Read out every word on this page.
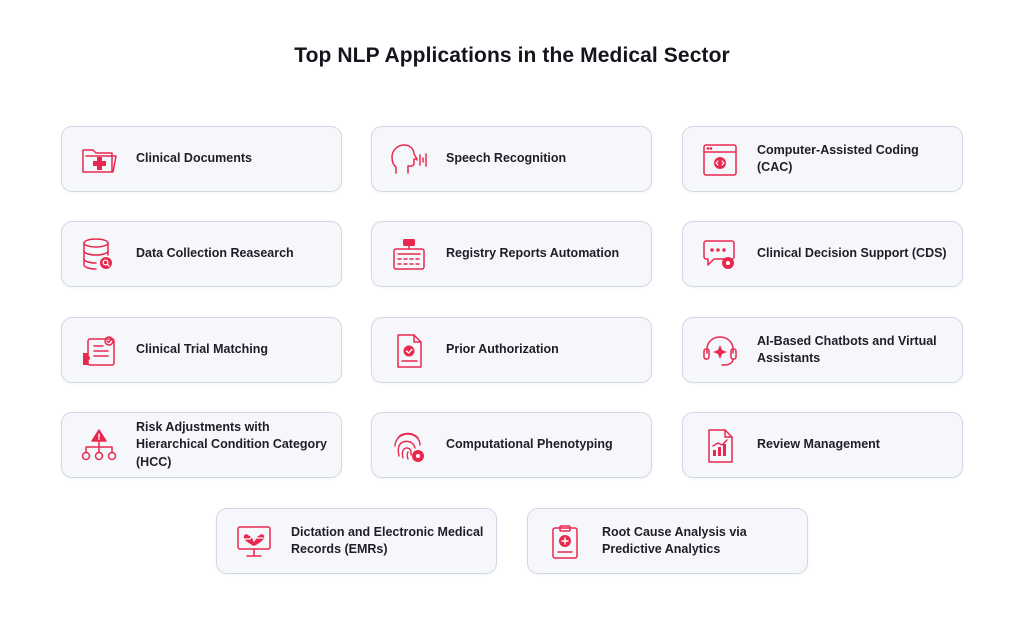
Top NLP Applications in the Medical Sector
Clinical Documents	Speech Recognition
Computer-Assisted Coding (CAC)
Data Collection Reasearch	Registry Reports Automation	Clinical Decision Support (CDS)
Clinical Trial Matching	Prior Authorization
AI-Based Chatbots and Virtual Assistants
Risk Adjustments with Hierarchical Condition Category (HCC)
Computational Phenotyping	Review Management
Dictation and Electronic Medical Records (EMRs)
Root Cause Analysis via Predictive Analytics
